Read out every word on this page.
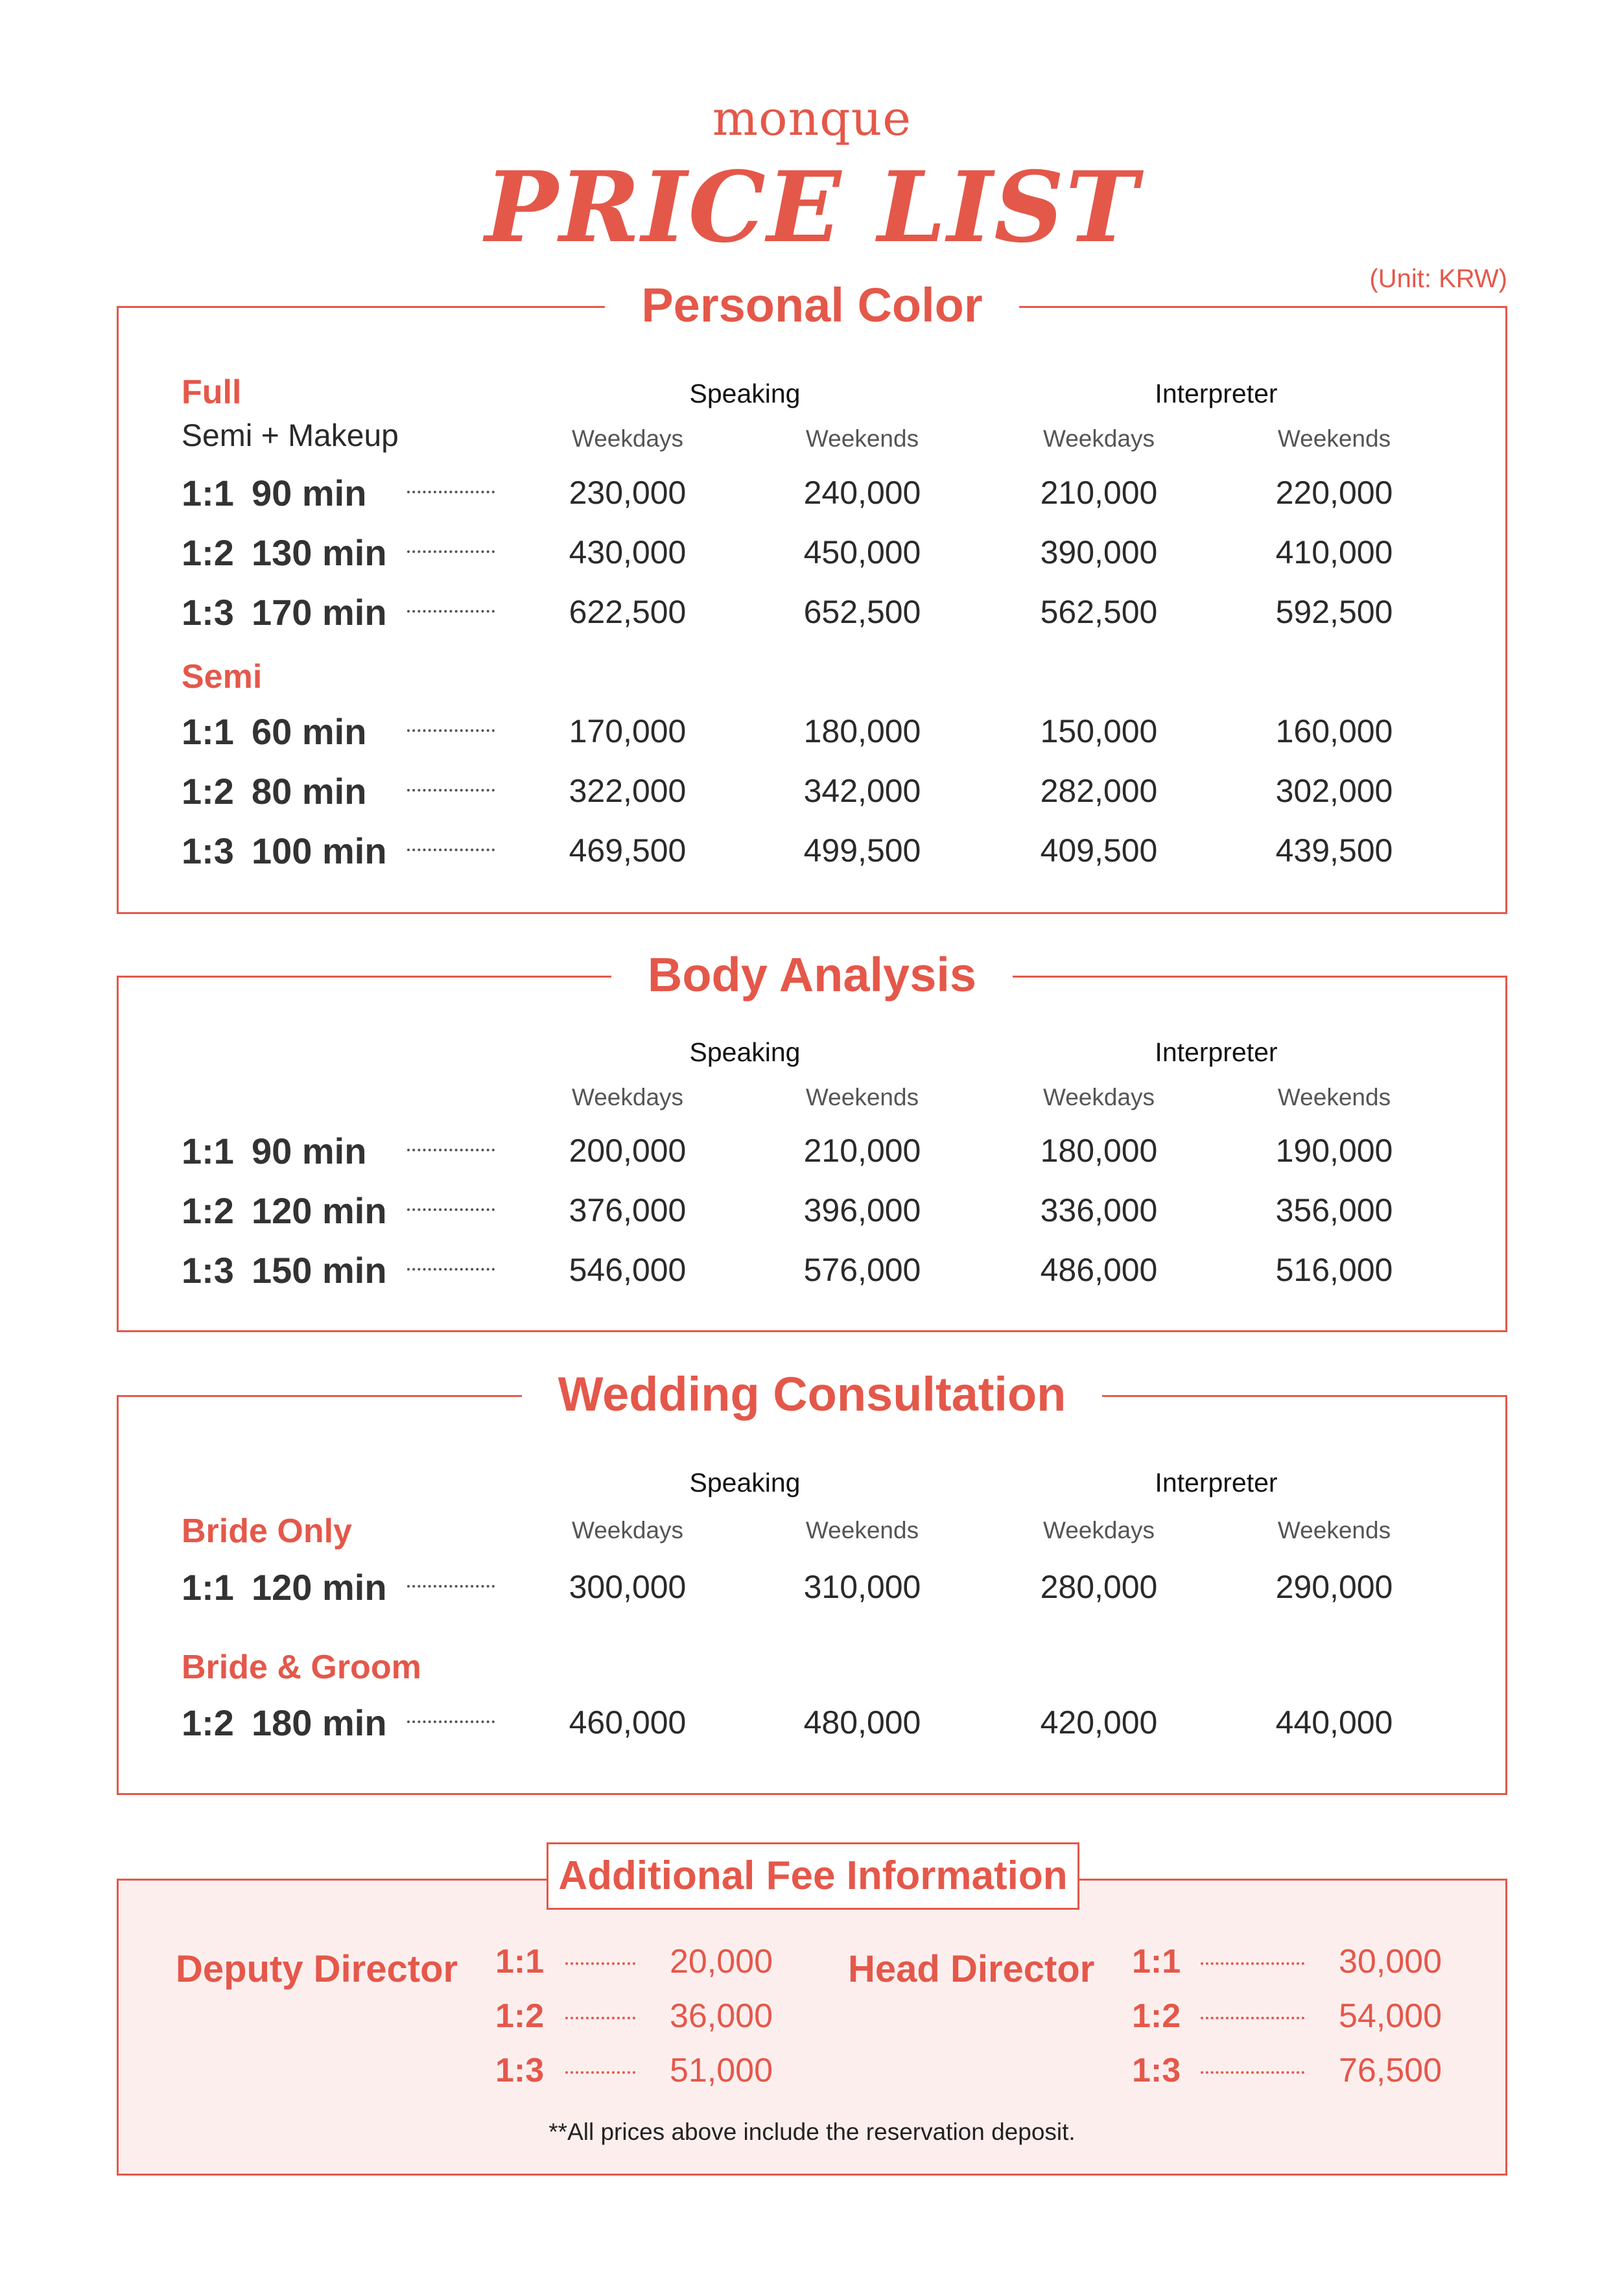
monque
PRICE LIST
(Unit: KRW)
Personal Color
Full
Semi + Makeup
Speaking	Interpreter
Weekdays	Weekends	Weekdays	Weekends
1:1 90 min	230,000	240,000	210,000	220,000
1:2 130 min	430,000	450,000	390,000	410,000
1:3 170 min	622,500	652,500	562,500	592,500
Semi
1:1 60 min	170,000	180,000	150,000	160,000
1:2 80 min	322,000	342,000	282,000	302,000
1:3 100 min	469,500	499,500	409,500	439,500
Body Analysis
Speaking	Interpreter
Weekdays	Weekends	Weekdays	Weekends
1:1 90 min	200,000	210,000	180,000	190,000
1:2 120 min	376,000	396,000	336,000	356,000
1:3 150 min	546,000	576,000	486,000	516,000
Wedding Consultation
Speaking	Interpreter
Weekdays	Weekends	Weekdays	Weekends
Bride Only
1:1 120 min	300,000	310,000	280,000	290,000
Bride & Groom
1:2 180 min	460,000	480,000	420,000	440,000
Additional Fee Information
Deputy Director 1:1	20,000
1:2	36,000
1:3	51,000
Head Director 1:1	30,000
1:2	54,000
1:3	76,500
**All prices above include the reservation deposit.
